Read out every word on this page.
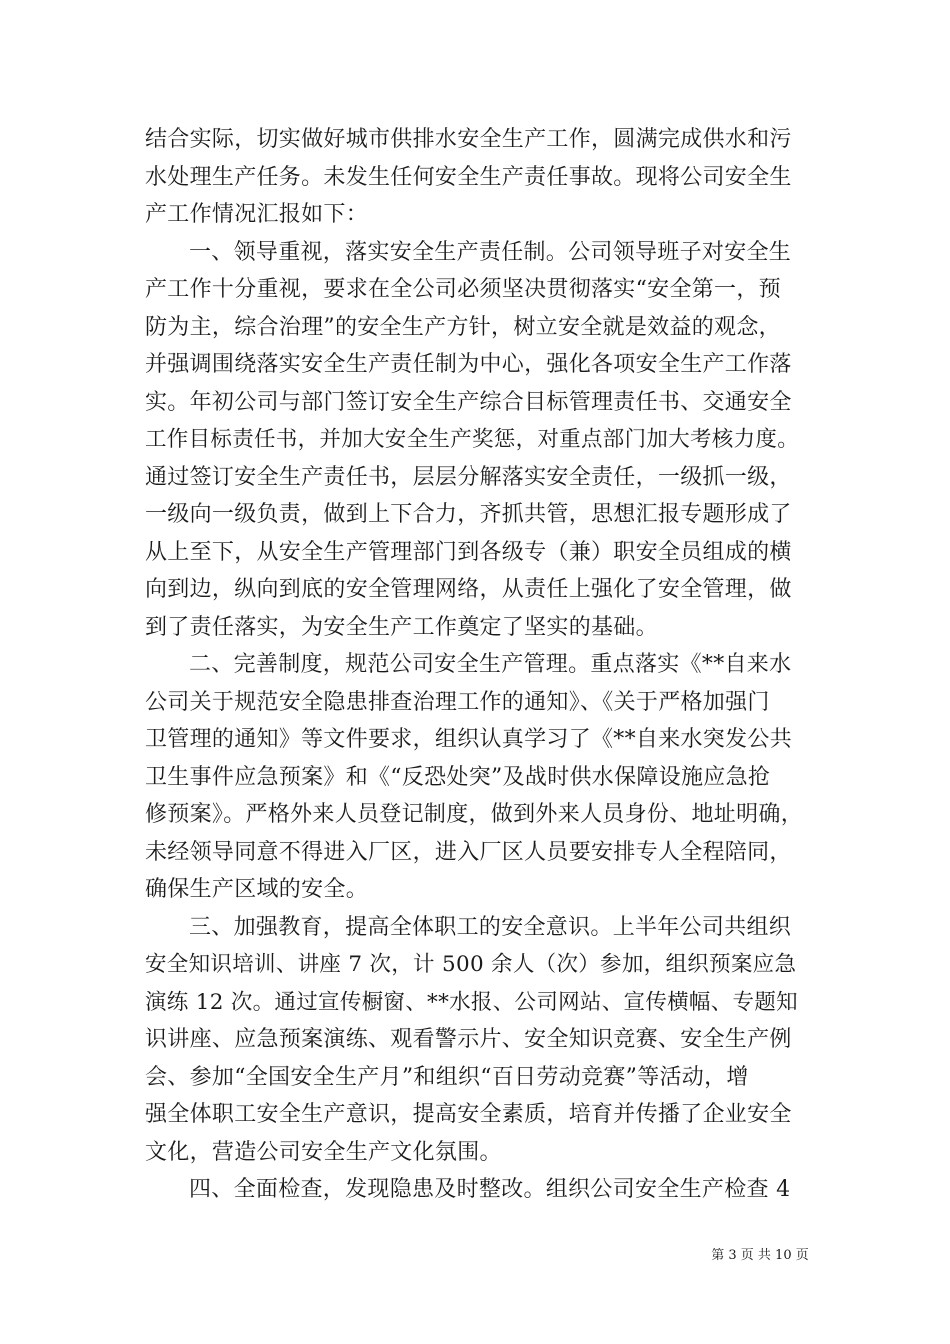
结合实际，切实做好城市供排水安全生产工作，圆满完成供水和污
水处理生产任务。未发生任何安全生产责任事故。现将公司安全生
产工作情况汇报如下：
一、领导重视，落实安全生产责任制。公司领导班子对安全生
产工作十分重视，要求在全公司必须坚决贯彻落实“安全第一，预
防为主，综合治理”的安全生产方针，树立安全就是效益的观念，
并强调围绕落实安全生产责任制为中心，强化各项安全生产工作落
实。年初公司与部门签订安全生产综合目标管理责任书、交通安全
工作目标责任书，并加大安全生产奖惩，对重点部门加大考核力度。
通过签订安全生产责任书，层层分解落实安全责任，一级抓一级，
一级向一级负责，做到上下合力，齐抓共管，思想汇报专题形成了
从上至下，从安全生产管理部门到各级专（兼）职安全员组成的横
向到边，纵向到底的安全管理网络，从责任上强化了安全管理，做
到了责任落实，为安全生产工作奠定了坚实的基础。
二、完善制度，规范公司安全生产管理。重点落实《**自来水
公司关于规范安全隐患排查治理工作的通知》、《关于严格加强门
卫管理的通知》等文件要求，组织认真学习了《**自来水突发公共
卫生事件应急预案》和《“反恐处突”及战时供水保障设施应急抢
修预案》。严格外来人员登记制度，做到外来人员身份、地址明确，
未经领导同意不得进入厂区，进入厂区人员要安排专人全程陪同，
确保生产区域的安全。
三、加强教育，提高全体职工的安全意识。上半年公司共组织
安全知识培训、讲座 7 次，计 500 余人（次）参加，组织预案应急
演练 12 次。通过宣传橱窗、**水报、公司网站、宣传横幅、专题知
识讲座、应急预案演练、观看警示片、安全知识竞赛、安全生产例
会、参加“全国安全生产月”和组织“百日劳动竞赛”等活动，增
强全体职工安全生产意识，提高安全素质，培育并传播了企业安全
文化，营造公司安全生产文化氛围。
四、全面检查，发现隐患及时整改。组织公司安全生产检查 4
第 3 页 共 10 页
